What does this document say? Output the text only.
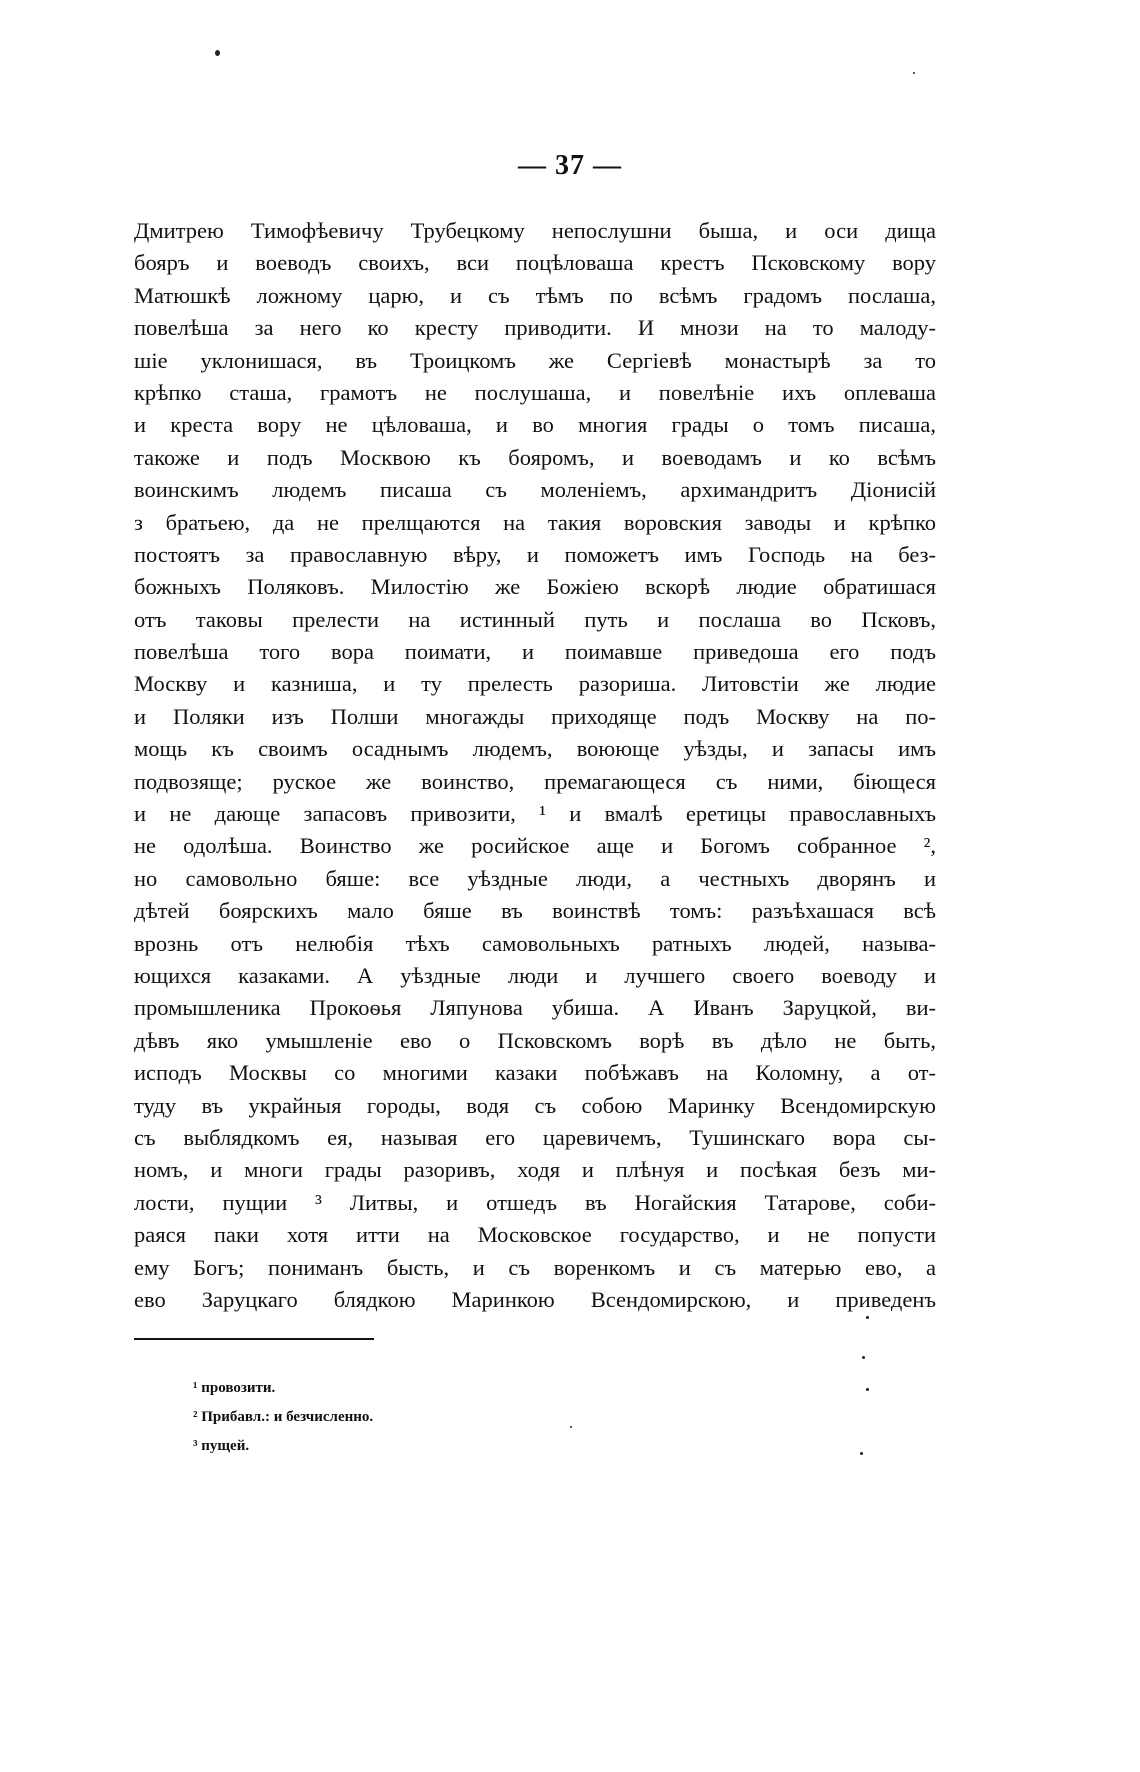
— 37 —
Дмитрею Тимофѣевичу Трубецкому непослушни быша, и оси дища
бояръ и воеводъ своихъ, вси поцѣловаша крестъ Псковскому вору
Матюшкѣ ложному царю, и съ тѣмъ по всѣмъ градомъ послаша,
повелѣша за него ко кресту приводити. И мнози на то малоду-
шіе уклонишася, въ Троицкомъ же Сергіевѣ монастырѣ за то
крѣпко сташа, грамотъ не послушаша, и повелѣніе ихъ оплеваша
и креста вору не цѣловаша, и во многия грады о томъ писаша,
такоже и подъ Москвою къ бояромъ, и воеводамъ и ко всѣмъ
воинскимъ людемъ писаша съ моленіемъ, архимандритъ Діонисій
з братьею, да не прелщаются на такия воровския заводы и крѣпко
постоятъ за православную вѣру, и поможетъ имъ Господь на без-
божныхъ Поляковъ. Милостію же Божіею вскорѣ людие обратишася
отъ таковы прелести на истинный путь и послаша во Псковъ,
повелѣша того вора поимати, и поимавше приведоша его подъ
Москву и казниша, и ту прелесть разориша. Литовстіи же людие
и Поляки изъ Полши многажды приходяще подъ Москву на по-
мощь къ своимъ осаднымъ людемъ, воююще уѣзды, и запасы имъ
подвозяще; руское же воинство, премагающеся съ ними, біющеся
и не дающе запасовъ привозити, ¹ и вмалѣ еретицы православныхъ
не одолѣша. Воинство же росийское аще и Богомъ собранное ²,
но самовольно бяше: все уѣздные люди, а честныхъ дворянъ и
дѣтей боярскихъ мало бяше въ воинствѣ томъ: разъѣхашася всѣ
врознь отъ нелюбія тѣхъ самовольныхъ ратныхъ людей, называ-
ющихся казаками. А уѣздные люди и лучшего своего воеводу и
промышленика Прокоѳья Ляпунова убиша. А Иванъ Заруцкой, ви-
дѣвъ яко умышленіе ево о Псковскомъ ворѣ въ дѣло не быть,
исподъ Москвы со многими казаки побѣжавъ на Коломну, а от-
туду въ украйныя городы, водя съ собою Маринку Всендомирскую
съ выблядкомъ ея, называя его царевичемъ, Тушинскаго вора сы-
номъ, и многи грады разоривъ, ходя и плѣнуя и посѣкая безъ ми-
лости, пущии ³ Литвы, и отшедъ въ Ногайския Татарове, соби-
раяся паки хотя итти на Московское государство, и не попусти
ему Богъ; пониманъ бысть, и съ воренкомъ и съ матерью ево, а
ево Заруцкаго блядкою Маринкою Всендомирскою, и приведенъ
¹ провозити.
² Прибавл.: и безчисленно.
³ пущей.
